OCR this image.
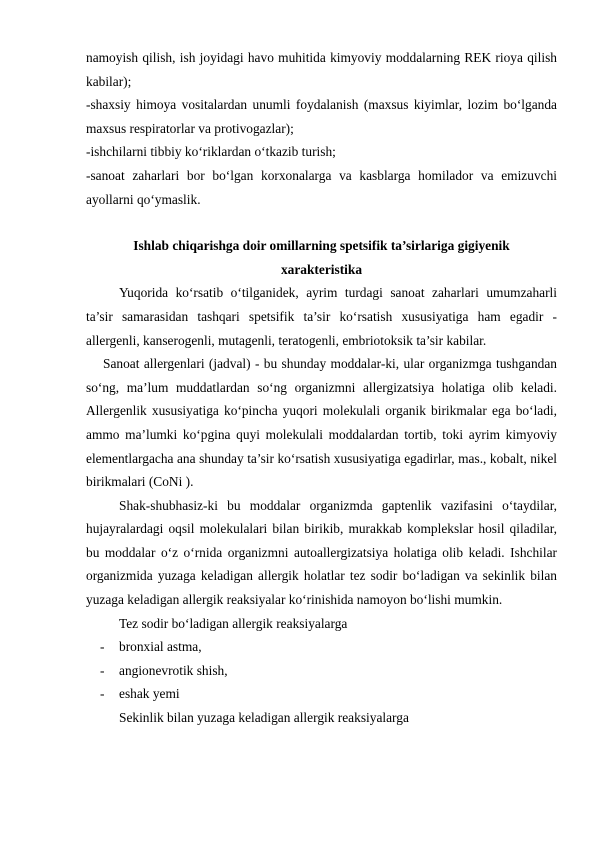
namoyish qilish, ish joyidagi havo muhitida kimyoviy moddalarning REK rioya qilish kabilar);

-shaxsiy himoya vositalardan unumli foydalanish (maxsus kiyimlar, lozim bo‘lganda maxsus respiratorlar va protivogazlar);

-ishchilarni tibbiy ko‘riklardan o‘tkazib turish;

-sanoat zaharlari bor bo‘lgan korxonalarga va kasblarga homilador va emizuvchi ayollarni qo‘ymaslik.

Ishlab chiqarishga doir omillarning spetsifik ta’sirlariga gigiyenik xarakteristika

Yuqorida ko‘rsatib o‘tilganidek, ayrim turdagi sanoat zaharlari umumzaharli ta’sir samarasidan tashqari spetsifik ta’sir ko‘rsatish xususiyatiga ham egadir - allergenli, kanserogenli, mutagenli, teratogenli, embriotoksik ta’sir kabilar.

Sanoat allergenlari (jadval) - bu shunday moddalar-ki, ular organizmga tushgandan so‘ng, ma’lum muddatlardan so‘ng organizmni allergizatsiya holatiga olib keladi. Allergenlik xususiyatiga ko‘pincha yuqori molekulali organik birikmalar ega bo‘ladi, ammo ma’lumki ko‘pgina quyi molekulali moddalardan tortib, toki ayrim kimyoviy elementlargacha ana shunday ta’sir ko‘rsatish xususiyatiga egadirlar, mas., kobalt, nikel birikmalari (CoNi ).

Shak-shubhasiz-ki bu moddalar organizmda gaptenlik vazifasini o‘taydilar, hujayralardagi oqsil molekulalari bilan birikib, murakkab komplekslar hosil qiladilar, bu moddalar o‘z o‘rnida organizmni autoallergizatsiya holatiga olib keladi. Ishchilar organizmida yuzaga keladigan allergik holatlar tez sodir bo‘ladigan va sekinlik bilan yuzaga keladigan allergik reaksiyalar ko‘rinishida namoyon bo‘lishi mumkin.

Tez sodir bo‘ladigan allergik reaksiyalarga

- bronxial astma,
- angionevrotik shish,
- eshak yemi

Sekinlik bilan yuzaga keladigan allergik reaksiyalarga
